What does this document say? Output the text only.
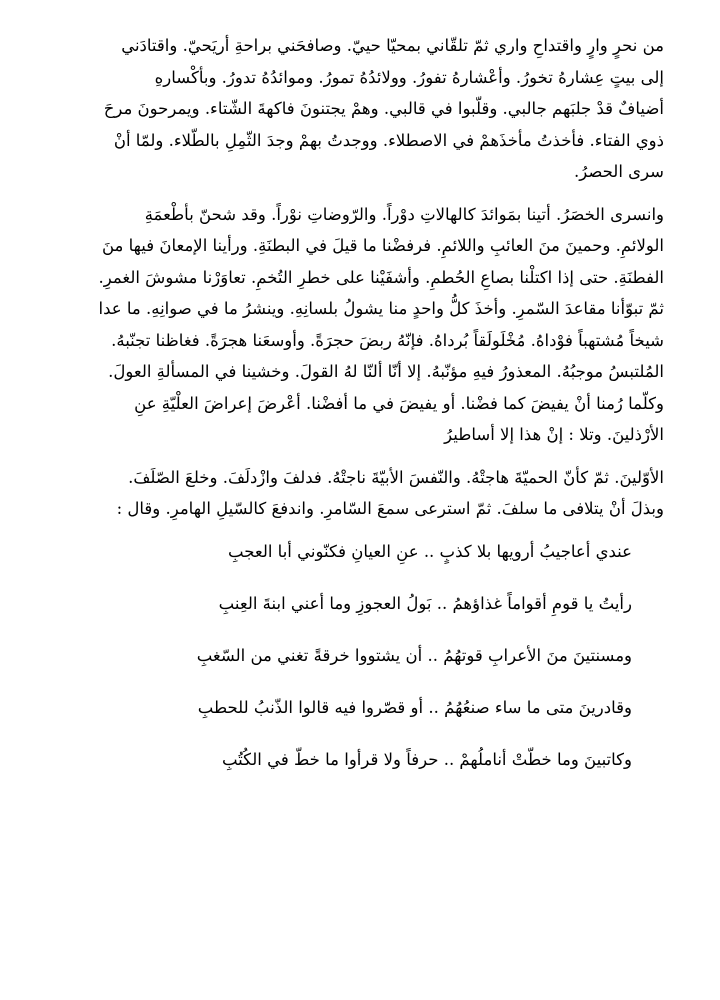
من نحرٍ وارٍ واقتداحِ واري ثمّ تلقّاني بمحيّا حييّ. وصافحَني براحةِ أريَحيّ. واقتادَني
إلى بيتٍ عِشارهُ تخورُ. وأعْشارهُ تفورُ. وولائدُهُ تمورُ. وموائدُهُ تدورُ. وبأكْسارهِ
أضيافٌ قدْ جلبَهم جالبي. وقلّبوا في قالبي. وهمْ يجتنونَ فاكهةَ الشّتاء. ويمرحونَ مرحَ
ذوي الفتاء. فأخذتُ مأخذَهمْ في الاصطلاء. ووجدتُ بهمْ وجدَ الثّمِلِ بالطّلاء. ولمّا أنْ
سرى الحصرُ.

وانسرى الخصَرُ. أتينا بمَوائدَ كالهالاتِ دوْراً. والرّوضاتِ نوْراً. وقد شحنّ بأطْعمَةِ
الولائمِ. وحمينَ منَ العائبِ واللائمِ. فرفضْنا ما قيلَ في البطنَةِ. ورأينا الإمعانَ فيها منَ
الفطنَةِ. حتى إذا اكتلْنا بصاعِ الحُطمِ. وأشفَيْنا على خطرِ التُخمِ. تعاوَرْنا مشوشَ الغمرِ.
ثمّ تبوّأنا مقاعدَ السّمرِ. وأخذَ كلُّ واحدٍ منا يشولُ بلسانِهِ. وينشرُ ما في صوانِهِ. ما عدا
شيخاً مُشتهباً فوْداهُ. مُخْلَولَقاً بُرداهُ. فإنّهُ ربضَ حجرَةً. وأوسعَنا هجرَةً. فغاظنا تجنّبهُ.
المُلتبسُ موجبُهُ. المعذورُ فيهِ مؤنّبهُ. إلا أنّا ألنّا لهُ القولَ. وخشينا في المسألةِ العولَ.
وكلّما رُمنا أنْ يفيضَ كما فضْنا. أو يفيضَ في ما أفضْنا. أعْرضَ إعراضَ العلْيّةِ عنِ
الأرْذلينَ. وتلا : إنْ هذا إلا أساطيرُ

الأوّلينَ. ثمّ كأنّ الحميّةَ هاجتْهُ. والنّفسَ الأبيّةَ ناجتْهُ. فدلفَ وازْدلَفَ. وخلعَ الصّلَفَ.
وبذلَ أنْ يتلافى ما سلفَ. ثمّ استرعى سمعَ السّامرِ. واندفعَ كالسّيلِ الهامرِ. وقال :

عندي أعاجيبُ أرويها بلا كذبٍ .. عنِ العيانِ فكنّوني أبا العجبِ

رأيتُ يا قومِ أقواماً غذاؤهمُ .. بَولُ العجوزِ وما أعني ابنةَ العِنبِ

ومسنتينَ منَ الأعرابِ قوتهُمُ .. أن يشتووا خرقةً تغني من السّغبِ

وقادرينَ متى ما ساء صنعُهُمُ .. أو قصّروا فيه قالوا الذّنبُ للحطبِ

وكاتبينَ وما خطّتْ أناملُهمْ .. حرفاً ولا قرأوا ما خطّ في الكُتُبِ
